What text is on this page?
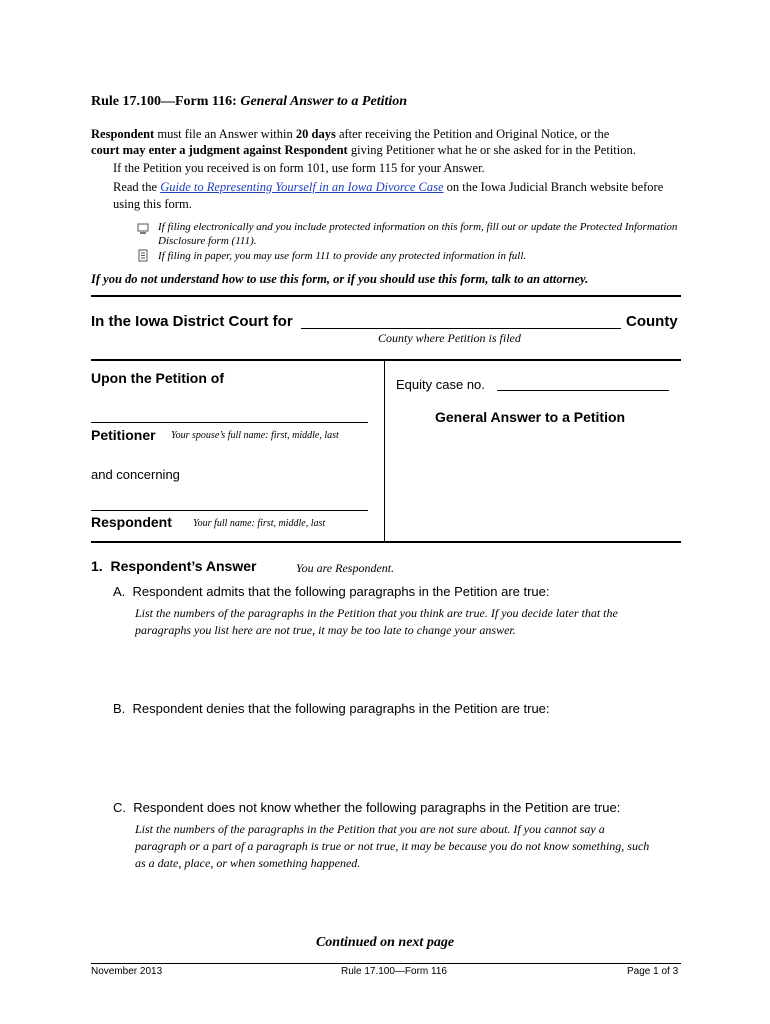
Rule 17.100—Form 116: General Answer to a Petition
Respondent must file an Answer within 20 days after receiving the Petition and Original Notice, or the
court may enter a judgment against Respondent giving Petitioner what he or she asked for in the Petition.
If the Petition you received is on form 101, use form 115 for your Answer.
Read the Guide to Representing Yourself in an Iowa Divorce Case on the Iowa Judicial Branch website before
using this form.
If filing electronically and you include protected information on this form, fill out or update the Protected Information
Disclosure form (111).
If filing in paper, you may use form 111 to provide any protected information in full.
If you do not understand how to use this form, or if you should use this form, talk to an attorney.
In the Iowa District Court for	County
County where Petition is filed
Upon the Petition of
Petitioner Your spouse’s full name: first, middle, last
and concerning
Respondent Your full name: first, middle, last
Equity case no.
General Answer to a Petition
1. Respondent’s Answer	You are Respondent.
A. Respondent admits that the following paragraphs in the Petition are true:
List the numbers of the paragraphs in the Petition that you think are true. If you decide later that the
paragraphs you list here are not true, it may be too late to change your answer.
B. Respondent denies that the following paragraphs in the Petition are true:
C. Respondent does not know whether the following paragraphs in the Petition are true:
List the numbers of the paragraphs in the Petition that you are not sure about. If you cannot say a
paragraph or a part of a paragraph is true or not true, it may be because you do not know something, such
as a date, place, or when something happened.
Continued on next page
November 2013	Rule 17.100—Form 116	Page 1 of 3
